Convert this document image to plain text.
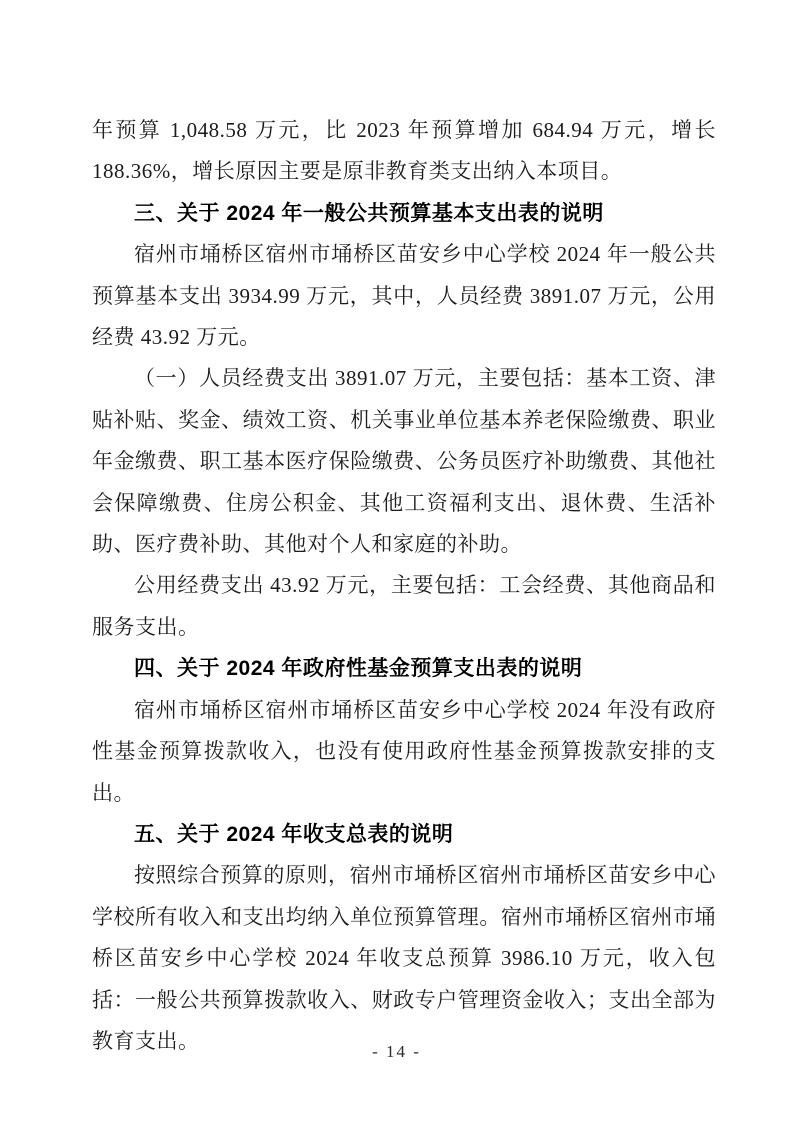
年预算 1,048.58 万元，比 2023 年预算增加 684.94 万元，增长 188.36%，增长原因主要是原非教育类支出纳入本项目。

三、关于 2024 年一般公共预算基本支出表的说明

宿州市埇桥区宿州市埇桥区苗安乡中心学校 2024 年一般公共预算基本支出 3934.99 万元，其中，人员经费 3891.07 万元，公用经费 43.92 万元。

（一）人员经费支出 3891.07 万元，主要包括：基本工资、津贴补贴、奖金、绩效工资、机关事业单位基本养老保险缴费、职业年金缴费、职工基本医疗保险缴费、公务员医疗补助缴费、其他社会保障缴费、住房公积金、其他工资福利支出、退休费、生活补助、医疗费补助、其他对个人和家庭的补助。

公用经费支出 43.92 万元，主要包括：工会经费、其他商品和服务支出。

四、关于 2024 年政府性基金预算支出表的说明

宿州市埇桥区宿州市埇桥区苗安乡中心学校 2024 年没有政府性基金预算拨款收入，也没有使用政府性基金预算拨款安排的支出。

五、关于 2024 年收支总表的说明

按照综合预算的原则，宿州市埇桥区宿州市埇桥区苗安乡中心学校所有收入和支出均纳入单位预算管理。宿州市埇桥区宿州市埇桥区苗安乡中心学校 2024 年收支总预算 3986.10 万元，收入包括：一般公共预算拨款收入、财政专户管理资金收入；支出全部为教育支出。	- 14 -
